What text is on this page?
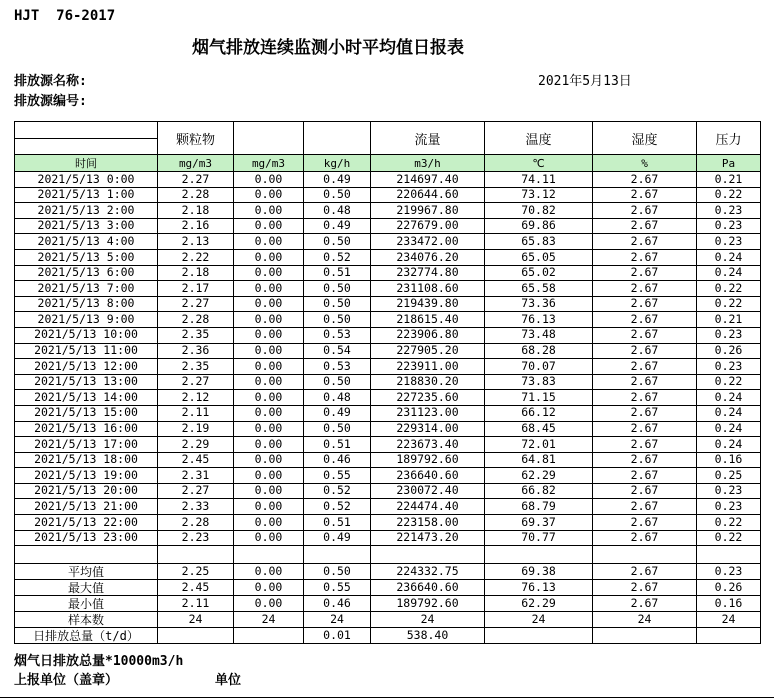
HJT  76-2017
烟气排放连续监测小时平均值日报表
排放源名称:
排放源编号:
2021年5月13日
	颗粒物			流量	温度	湿度	压力
时间	mg/m3	mg/m3	kg/h	m3/h	℃	%	Pa
2021/5/13 0:00	2.27	0.00	0.49	214697.40	74.11	2.67	0.21
2021/5/13 1:00	2.28	0.00	0.50	220644.60	73.12	2.67	0.22
2021/5/13 2:00	2.18	0.00	0.48	219967.80	70.82	2.67	0.23
2021/5/13 3:00	2.16	0.00	0.49	227679.00	69.86	2.67	0.23
2021/5/13 4:00	2.13	0.00	0.50	233472.00	65.83	2.67	0.23
2021/5/13 5:00	2.22	0.00	0.52	234076.20	65.05	2.67	0.24
2021/5/13 6:00	2.18	0.00	0.51	232774.80	65.02	2.67	0.24
2021/5/13 7:00	2.17	0.00	0.50	231108.60	65.58	2.67	0.22
2021/5/13 8:00	2.27	0.00	0.50	219439.80	73.36	2.67	0.22
2021/5/13 9:00	2.28	0.00	0.50	218615.40	76.13	2.67	0.21
2021/5/13 10:00	2.35	0.00	0.53	223906.80	73.48	2.67	0.23
2021/5/13 11:00	2.36	0.00	0.54	227905.20	68.28	2.67	0.26
2021/5/13 12:00	2.35	0.00	0.53	223911.00	70.07	2.67	0.23
2021/5/13 13:00	2.27	0.00	0.50	218830.20	73.83	2.67	0.22
2021/5/13 14:00	2.12	0.00	0.48	227235.60	71.15	2.67	0.24
2021/5/13 15:00	2.11	0.00	0.49	231123.00	66.12	2.67	0.24
2021/5/13 16:00	2.19	0.00	0.50	229314.00	68.45	2.67	0.24
2021/5/13 17:00	2.29	0.00	0.51	223673.40	72.01	2.67	0.24
2021/5/13 18:00	2.45	0.00	0.46	189792.60	64.81	2.67	0.16
2021/5/13 19:00	2.31	0.00	0.55	236640.60	62.29	2.67	0.25
2021/5/13 20:00	2.27	0.00	0.52	230072.40	66.82	2.67	0.23
2021/5/13 21:00	2.33	0.00	0.52	224474.40	68.79	2.67	0.23
2021/5/13 22:00	2.28	0.00	0.51	223158.00	69.37	2.67	0.22
2021/5/13 23:00	2.23	0.00	0.49	221473.20	70.77	2.67	0.22

平均值	2.25	0.00	0.50	224332.75	69.38	2.67	0.23
最大值	2.45	0.00	0.55	236640.60	76.13	2.67	0.26
最小值	2.11	0.00	0.46	189792.60	62.29	2.67	0.16
样本数	24	24	24	24	24	24	24
日排放总量（t/d）			0.01	538.40			
烟气日排放总量*10000m3/h
上报单位（盖章）	单位
